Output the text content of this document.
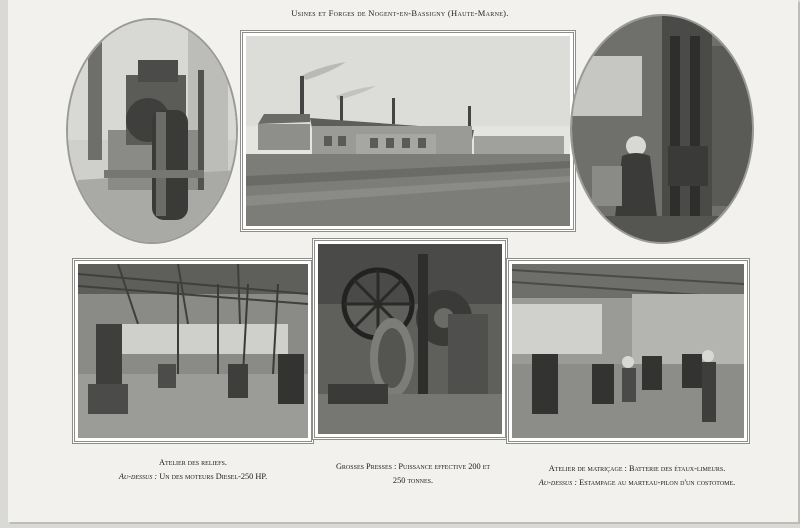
Usines et Forges de Nogent-en-Bassigny (Haute-Marne).
Atelier des reliefs.
Au-dessus : Un des moteurs Diesel-250 HP.
Grosses Presses : Puissance effective 200 et
250 tonnes.
Atelier de matriçage : Batterie des étaux-limeurs.
Au-dessus : Estampage au marteau-pilon d'un costotome.
